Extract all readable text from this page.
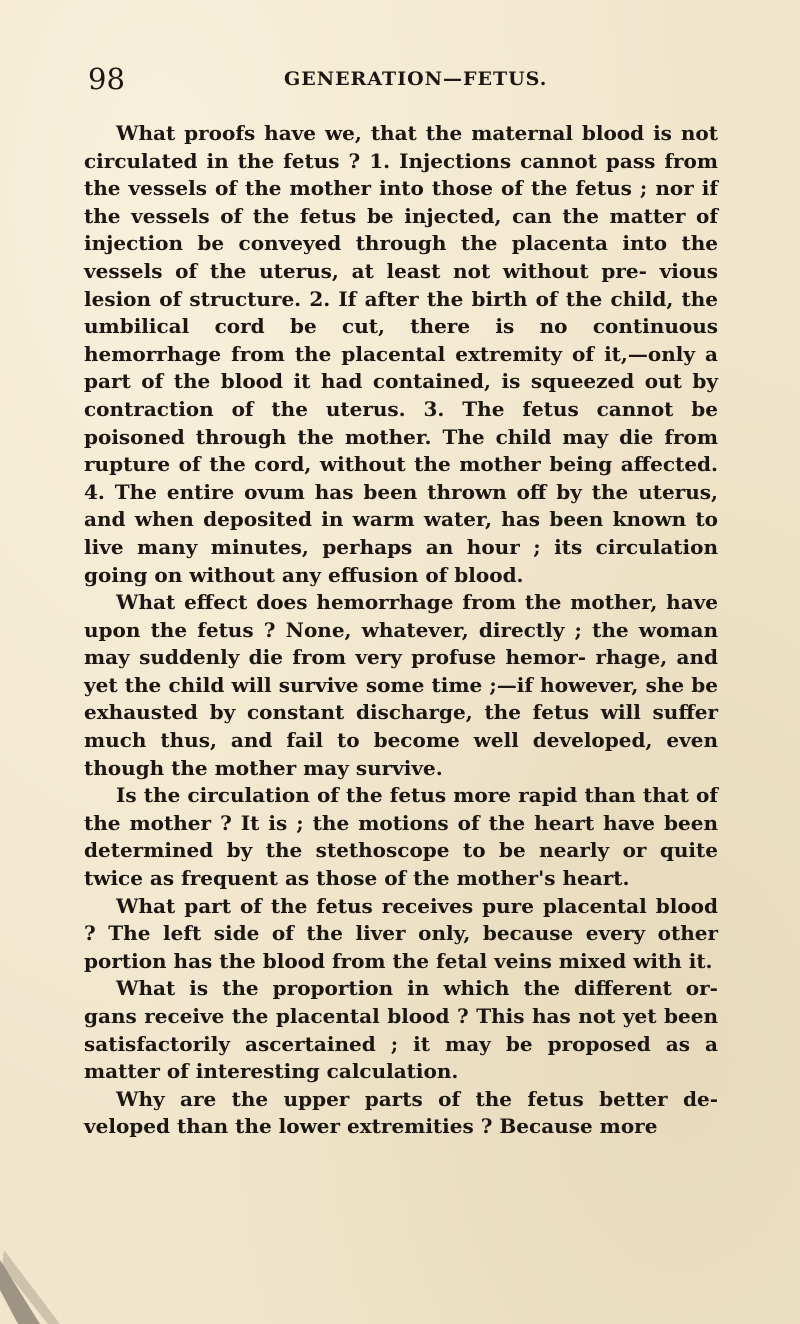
98	GENERATION—FETUS.

What proofs have we, that the maternal blood is not circulated in the fetus ? 1. Injections cannot pass from the vessels of the mother into those of the fetus ; nor if the vessels of the fetus be injected, can the matter of injection be conveyed through the placenta into the vessels of the uterus, at least not without pre- vious lesion of structure. 2. If after the birth of the child, the umbilical cord be cut, there is no continuous hemorrhage from the placental extremity of it,—only a part of the blood it had contained, is squeezed out by contraction of the uterus. 3. The fetus cannot be poisoned through the mother. The child may die from rupture of the cord, without the mother being affected. 4. The entire ovum has been thrown off by the uterus, and when deposited in warm water, has been known to live many minutes, perhaps an hour ; its circulation going on without any effusion of blood.

What effect does hemorrhage from the mother, have upon the fetus ? None, whatever, directly ; the woman may suddenly die from very profuse hemor- rhage, and yet the child will survive some time ;—if however, she be exhausted by constant discharge, the fetus will suffer much thus, and fail to become well developed, even though the mother may survive.

Is the circulation of the fetus more rapid than that of the mother ? It is ; the motions of the heart have been determined by the stethoscope to be nearly or quite twice as frequent as those of the mother's heart.

What part of the fetus receives pure placental blood ? The left side of the liver only, because every other portion has the blood from the fetal veins mixed with it.

What is the proportion in which the different or- gans receive the placental blood ? This has not yet been satisfactorily ascertained ; it may be proposed as a matter of interesting calculation.

Why are the upper parts of the fetus better de- veloped than the lower extremities ? Because more
